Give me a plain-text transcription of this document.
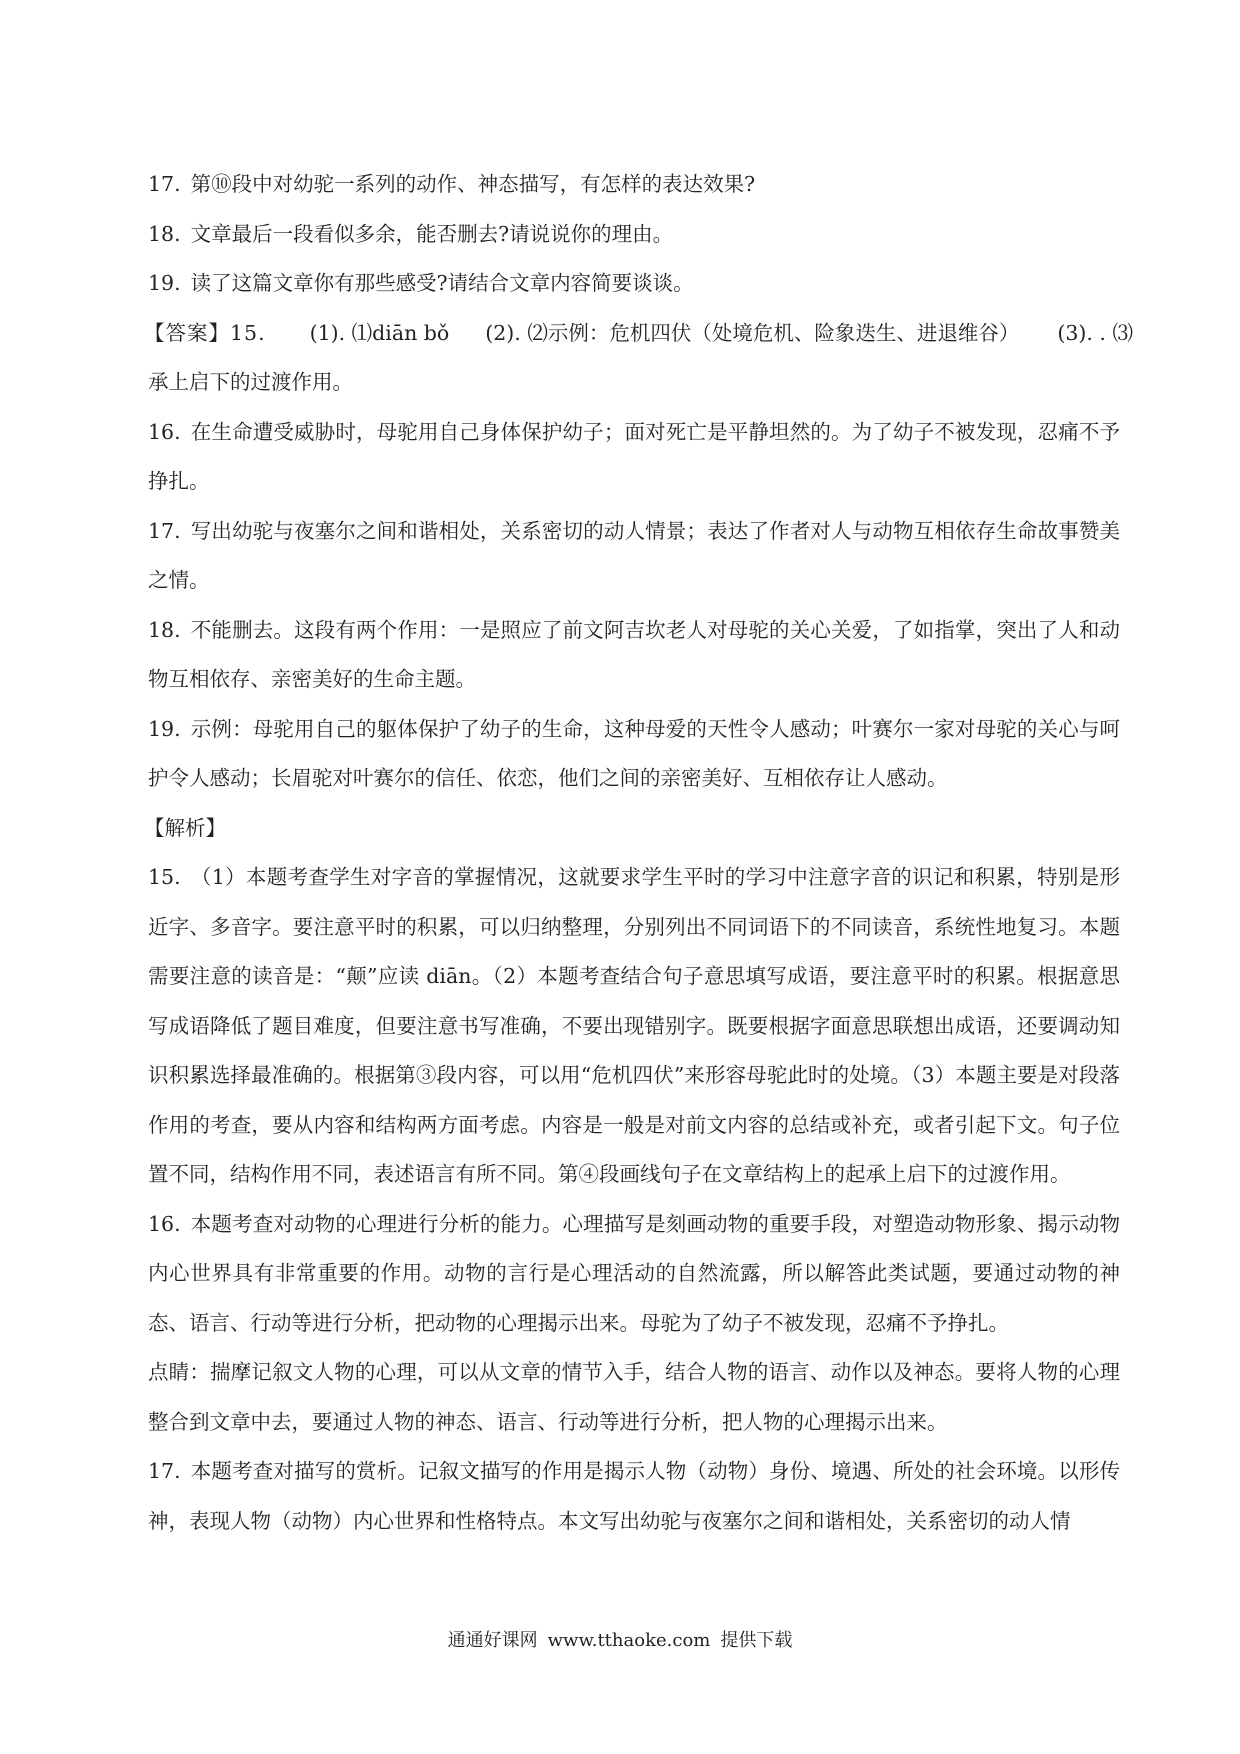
17. 第⑩段中对幼驼一系列的动作、神态描写，有怎样的表达效果?

18. 文章最后一段看似多余，能否删去?请说说你的理由。

19. 读了这篇文章你有那些感受?请结合文章内容简要谈谈。

【答案】15. (1). ⑴diān bǒ (2). ⑵示例：危机四伏（处境危机、险象迭生、进退维谷） (3). . ⑶

承上启下的过渡作用。

16. 在生命遭受威胁时，母驼用自己身体保护幼子；面对死亡是平静坦然的。为了幼子不被发现，忍痛不予挣扎。

17. 写出幼驼与夜塞尔之间和谐相处，关系密切的动人情景；表达了作者对人与动物互相依存生命故事赞美之情。

18. 不能删去。这段有两个作用：一是照应了前文阿吉坎老人对母驼的关心关爱，了如指掌，突出了人和动物互相依存、亲密美好的生命主题。

19. 示例：母驼用自己的躯体保护了幼子的生命，这种母爱的天性令人感动；叶赛尔一家对母驼的关心与呵护令人感动；长眉驼对叶赛尔的信任、依恋，他们之间的亲密美好、互相依存让人感动。

【解析】

15. （1）本题考查学生对字音的掌握情况，这就要求学生平时的学习中注意字音的识记和积累，特别是形近字、多音字。要注意平时的积累，可以归纳整理，分别列出不同词语下的不同读音，系统性地复习。本题需要注意的读音是：“颠”应读 diān。（2）本题考查结合句子意思填写成语，要注意平时的积累。根据意思写成语降低了题目难度，但要注意书写准确，不要出现错别字。既要根据字面意思联想出成语，还要调动知识积累选择最准确的。根据第③段内容，可以用“危机四伏”来形容母驼此时的处境。（3）本题主要是对段落作用的考查，要从内容和结构两方面考虑。内容是一般是对前文内容的总结或补充，或者引起下文。句子位置不同，结构作用不同，表述语言有所不同。第④段画线句子在文章结构上的起承上启下的过渡作用。

16. 本题考查对动物的心理进行分析的能力。心理描写是刻画动物的重要手段，对塑造动物形象、揭示动物内心世界具有非常重要的作用。动物的言行是心理活动的自然流露，所以解答此类试题，要通过动物的神态、语言、行动等进行分析，把动物的心理揭示出来。母驼为了幼子不被发现，忍痛不予挣扎。

点睛：揣摩记叙文人物的心理，可以从文章的情节入手，结合人物的语言、动作以及神态。要将人物的心理整合到文章中去，要通过人物的神态、语言、行动等进行分析，把人物的心理揭示出来。

17. 本题考查对描写的赏析。记叙文描写的作用是揭示人物（动物）身份、境遇、所处的社会环境。以形传神，表现人物（动物）内心世界和性格特点。本文写出幼驼与夜塞尔之间和谐相处，关系密切的动人情

通通好课网 www.tthaoke.com 提供下载
